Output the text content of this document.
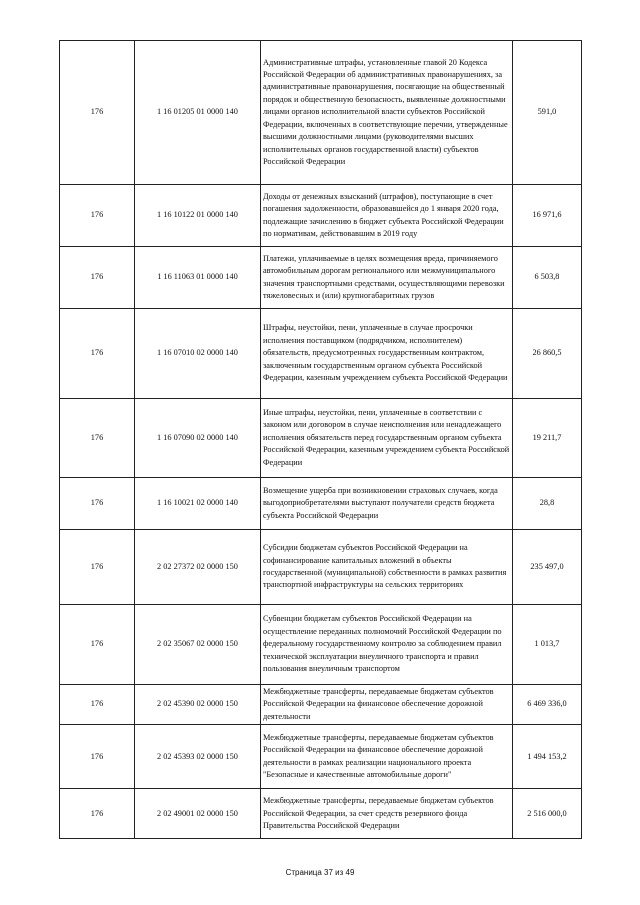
176	1 16 01205 01 0000 140	Административные штрафы, установленные главой 20 Кодекса Российской Федерации об административных правонарушениях, за административные правонарушения, посягающие на общественный порядок и общественную безопасность, выявленные должностными лицами органов исполнительной власти субъектов Российской Федерации, включенных в соответствующие перечни, утвержденные высшими должностными лицами (руководителями высших исполнительных органов государственной власти) субъектов Российской Федерации	591,0
176	1 16 10122 01 0000 140	Доходы от денежных взысканий (штрафов), поступающие в счет погашения задолженности, образовавшейся до 1 января 2020 года, подлежащие зачислению в бюджет субъекта Российской Федерации по нормативам, действовавшим в 2019 году	16 971,6
176	1 16 11063 01 0000 140	Платежи, уплачиваемые в целях возмещения вреда, причиняемого автомобильным дорогам регионального или межмуниципального значения транспортными средствами, осуществляющими перевозки тяжеловесных и (или) крупногабаритных грузов	6 503,8
176	1 16 07010 02 0000 140	Штрафы, неустойки, пени, уплаченные в случае просрочки исполнения поставщиком (подрядчиком, исполнителем) обязательств, предусмотренных государственным контрактом, заключенным государственным органом субъекта Российской Федерации, казенным учреждением субъекта Российской Федерации	26 860,5
176	1 16 07090 02 0000 140	Иные штрафы, неустойки, пени, уплаченные в соответствии с законом или договором в случае неисполнения или ненадлежащего исполнения обязательств перед государственным органом субъекта Российской Федерации, казенным учреждением субъекта Российской Федерации	19 211,7
176	1 16 10021 02 0000 140	Возмещение ущерба при возникновении страховых случаев, когда выгодоприобретателями выступают получатели средств бюджета субъекта Российской Федерации	28,8
176	2 02 27372 02 0000 150	Субсидии бюджетам субъектов Российской Федерации на софинансирование капитальных вложений в объекты государственной (муниципальной) собственности в рамках развития транспортной инфраструктуры на сельских территориях	235 497,0
176	2 02 35067 02 0000 150	Субвенции бюджетам субъектов Российской Федерации на осуществление переданных полномочий Российской Федерации по федеральному государственному контролю за соблюдением правил технической эксплуатации внеуличного транспорта и правил пользования внеуличным транспортом	1 013,7
176	2 02 45390 02 0000 150	Межбюджетные трансферты, передаваемые бюджетам субъектов Российской Федерации на финансовое обеспечение дорожной деятельности	6 469 336,0
176	2 02 45393 02 0000 150	Межбюджетные трансферты, передаваемые бюджетам субъектов Российской Федерации на финансовое обеспечение дорожной деятельности в рамках реализации национального проекта "Безопасные и качественные автомобильные дороги"	1 494 153,2
176	2 02 49001 02 0000 150	Межбюджетные трансферты, передаваемые бюджетам субъектов Российской Федерации, за счет средств резервного фонда Правительства Российской Федерации	2 516 000,0
Страница 37 из 49
